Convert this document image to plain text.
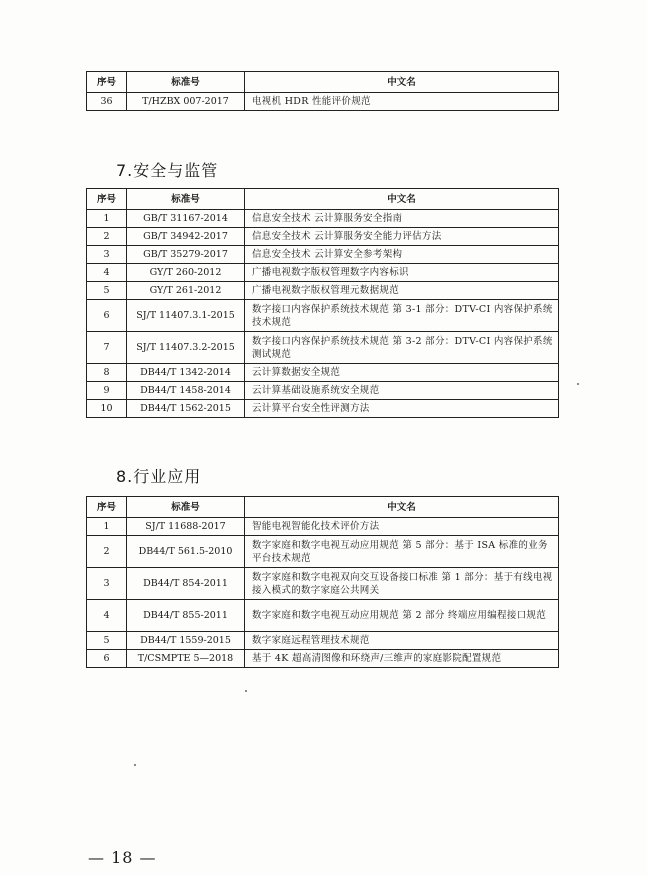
序号	标准号	中文名
36	T/HZBX 007-2017	电视机 HDR 性能评价规范
7.安全与监管
序号	标准号	中文名
1	GB/T 31167-2014	信息安全技术 云计算服务安全指南
2	GB/T 34942-2017	信息安全技术 云计算服务安全能力评估方法
3	GB/T 35279-2017	信息安全技术 云计算安全参考架构
4	GY/T 260-2012	广播电视数字版权管理数字内容标识
5	GY/T 261-2012	广播电视数字版权管理元数据规范
6	SJ/T 11407.3.1-2015	数字接口内容保护系统技术规范 第 3-1 部分：DTV-CI 内容保护系统技术规范
7	SJ/T 11407.3.2-2015	数字接口内容保护系统技术规范 第 3-2 部分：DTV-CI 内容保护系统测试规范
8	DB44/T 1342-2014	云计算数据安全规范
9	DB44/T 1458-2014	云计算基础设施系统安全规范
10	DB44/T 1562-2015	云计算平台安全性评测方法
8.行业应用
序号	标准号	中文名
1	SJ/T 11688-2017	智能电视智能化技术评价方法
2	DB44/T 561.5-2010	数字家庭和数字电视互动应用规范 第 5 部分：基于 ISA 标准的业务平台技术规范
3	DB44/T 854-2011	数字家庭和数字电视双向交互设备接口标准 第 1 部分：基于有线电视接入模式的数字家庭公共网关
4	DB44/T 855-2011	数字家庭和数字电视互动应用规范 第 2 部分 终端应用编程接口规范
5	DB44/T 1559-2015	数字家庭远程管理技术规范
6	T/CSMPTE 5—2018	基于 4K 超高清图像和环绕声/三维声的家庭影院配置规范
— 18 —
